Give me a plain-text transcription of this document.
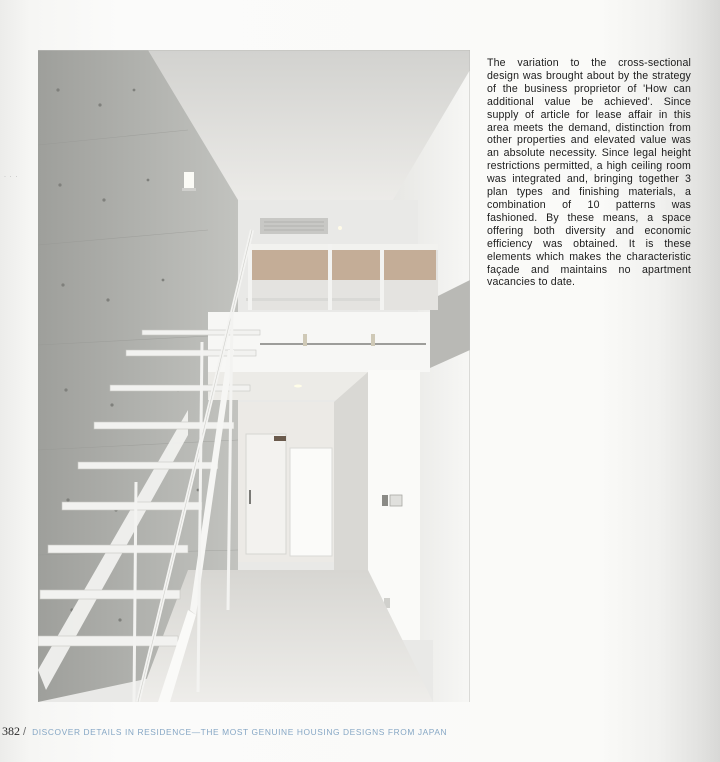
· · ·

The variation to the cross-sectional design was brought about by the strategy of the business proprietor of 'How can additional value be achieved'. Since supply of article for lease affair in this area meets the demand, distinction from other properties and elevated value was an absolute necessity. Since legal height restrictions permitted, a high ceiling room was integrated and, bringing together 3 plan types and finishing materials, a combination of 10 patterns was fashioned. By these means, a space offering both diversity and economic efficiency was obtained. It is these elements which makes the characteristic façade and maintains no apartment vacancies to date.

382 / DISCOVER DETAILS IN RESIDENCE—THE MOST GENUINE HOUSING DESIGNS FROM JAPAN
